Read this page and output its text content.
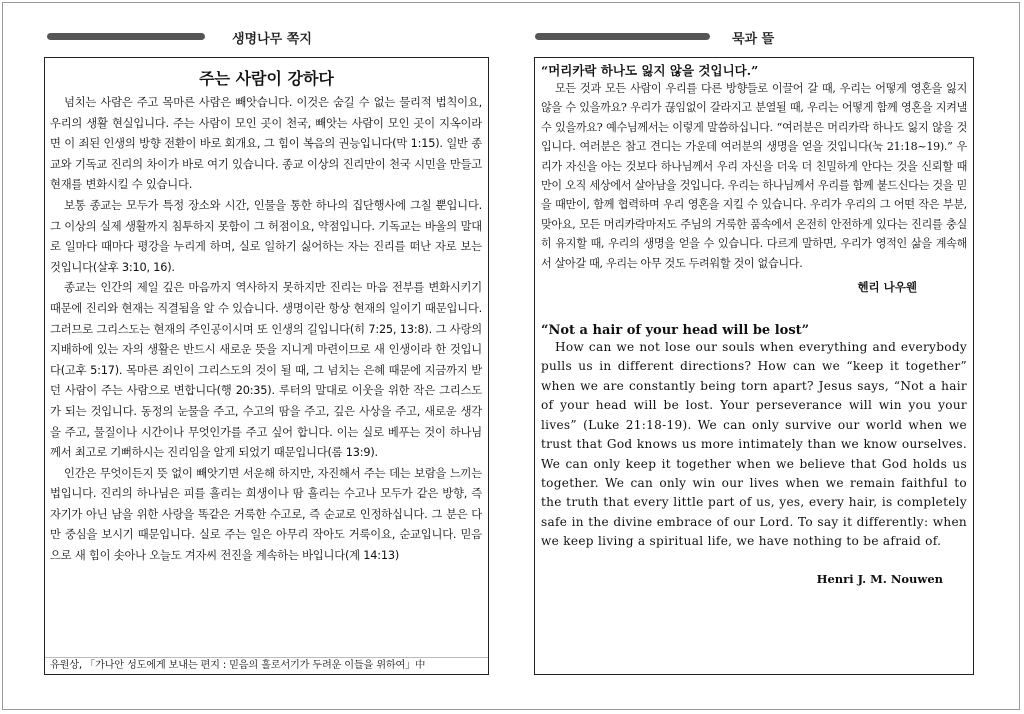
생명나무 쪽지	묵과 뜰
주는 사람이 강하다

넘치는 사람은 주고 목마른 사람은 빼앗습니다. 이것은 숨길 수 없는 물리적 법칙이요, 우리의 생활 현실입니다. 주는 사람이 모인 곳이 천국, 빼앗는 사람이 모인 곳이 지옥이라면 이 죄된 인생의 방향 전환이 바로 회개요, 그 힘이 복음의 권능입니다(막 1:15). 일반 종교와 기독교 진리의 차이가 바로 여기 있습니다. 종교 이상의 진리만이 천국 시민을 만들고 현재를 변화시킬 수 있습니다.

보통 종교는 모두가 특정 장소와 시간, 인물을 통한 하나의 집단행사에 그칠 뿐입니다. 그 이상의 실제 생활까지 침투하지 못함이 그 허점이요, 약점입니다. 기독교는 바울의 말대로 일마다 때마다 평강을 누리게 하며, 실로 일하기 싫어하는 자는 진리를 떠난 자로 보는 것입니다(살후 3:10, 16).

종교는 인간의 제일 깊은 마음까지 역사하지 못하지만 진리는 마음 전부를 변화시키기 때문에 진리와 현재는 직결됨을 알 수 있습니다. 생명이란 항상 현재의 일이기 때문입니다. 그러므로 그리스도는 현재의 주인공이시며 또 인생의 길입니다(히 7:25, 13:8). 그 사랑의 지배하에 있는 자의 생활은 반드시 새로운 뜻을 지니게 마련이므로 새 인생이라 한 것입니다(고후 5:17). 목마른 죄인이 그리스도의 것이 될 때, 그 넘치는 은혜 때문에 지금까지 받던 사람이 주는 사람으로 변합니다(행 20:35). 루터의 말대로 이웃을 위한 작은 그리스도가 되는 것입니다. 동정의 눈물을 주고, 수고의 땀을 주고, 깊은 사상을 주고, 새로운 생각을 주고, 물질이나 시간이나 무엇인가를 주고 싶어 합니다. 이는 실로 베푸는 것이 하나님께서 최고로 기뻐하시는 진리임을 알게 되었기 때문입니다(롬 13:9).

인간은 무엇이든지 뜻 없이 빼앗기면 서운해 하지만, 자진해서 주는 데는 보람을 느끼는 법입니다. 진리의 하나님은 피를 흘리는 희생이나 땀 흘리는 수고나 모두가 같은 방향, 즉 자기가 아닌 남을 위한 사랑을 똑같은 거룩한 수고로, 즉 순교로 인정하십니다. 그 분은 다만 중심을 보시기 때문입니다. 실로 주는 일은 아무리 작아도 거룩이요, 순교입니다. 믿음으로 새 힘이 솟아나 오늘도 겨자씨 전진을 계속하는 바입니다(계 14:13)

유원상, 「가나안 성도에게 보내는 편지 : 믿음의 홀로서기가 두려운 이들을 위하여」中
“머리카락 하나도 잃지 않을 것입니다.”

모든 것과 모든 사람이 우리를 다른 방향들로 이끌어 갈 때, 우리는 어떻게 영혼을 잃지 않을 수 있을까요? 우리가 끊임없이 갈라지고 분열될 때, 우리는 어떻게 함께 영혼을 지켜낼 수 있을까요? 예수님께서는 이렇게 말씀하십니다. “여러분은 머리카락 하나도 잃지 않을 것입니다. 여러분은 참고 견디는 가운데 여러분의 생명을 얻을 것입니다(눅 21:18~19).” 우리가 자신을 아는 것보다 하나님께서 우리 자신을 더욱 더 친밀하게 안다는 것을 신뢰할 때만이 오직 세상에서 살아남을 것입니다. 우리는 하나님께서 우리를 함께 붙드신다는 것을 믿을 때만이, 함께 협력하며 우리 영혼을 지킬 수 있습니다. 우리가 우리의 그 어떤 작은 부분, 맞아요, 모든 머리카락마저도 주님의 거룩한 품속에서 온전히 안전하게 있다는 진리를 충실히 유지할 때, 우리의 생명을 얻을 수 있습니다. 다르게 말하면, 우리가 영적인 삶을 계속해서 살아갈 때, 우리는 아무 것도 두려워할 것이 없습니다.

헨리 나우웬
“Not a hair of your head will be lost”

How can we not lose our souls when everything and everybody pulls us in different directions? How can we “keep it together” when we are constantly being torn apart? Jesus says, “Not a hair of your head will be lost. Your perseverance will win you your lives” (Luke 21:18-19). We can only survive our world when we trust that God knows us more intimately than we know ourselves. We can only keep it together when we believe that God holds us together. We can only win our lives when we remain faithful to the truth that every little part of us, yes, every hair, is completely safe in the divine embrace of our Lord. To say it differently: when we keep living a spiritual life, we have nothing to be afraid of.

Henri J. M. Nouwen
